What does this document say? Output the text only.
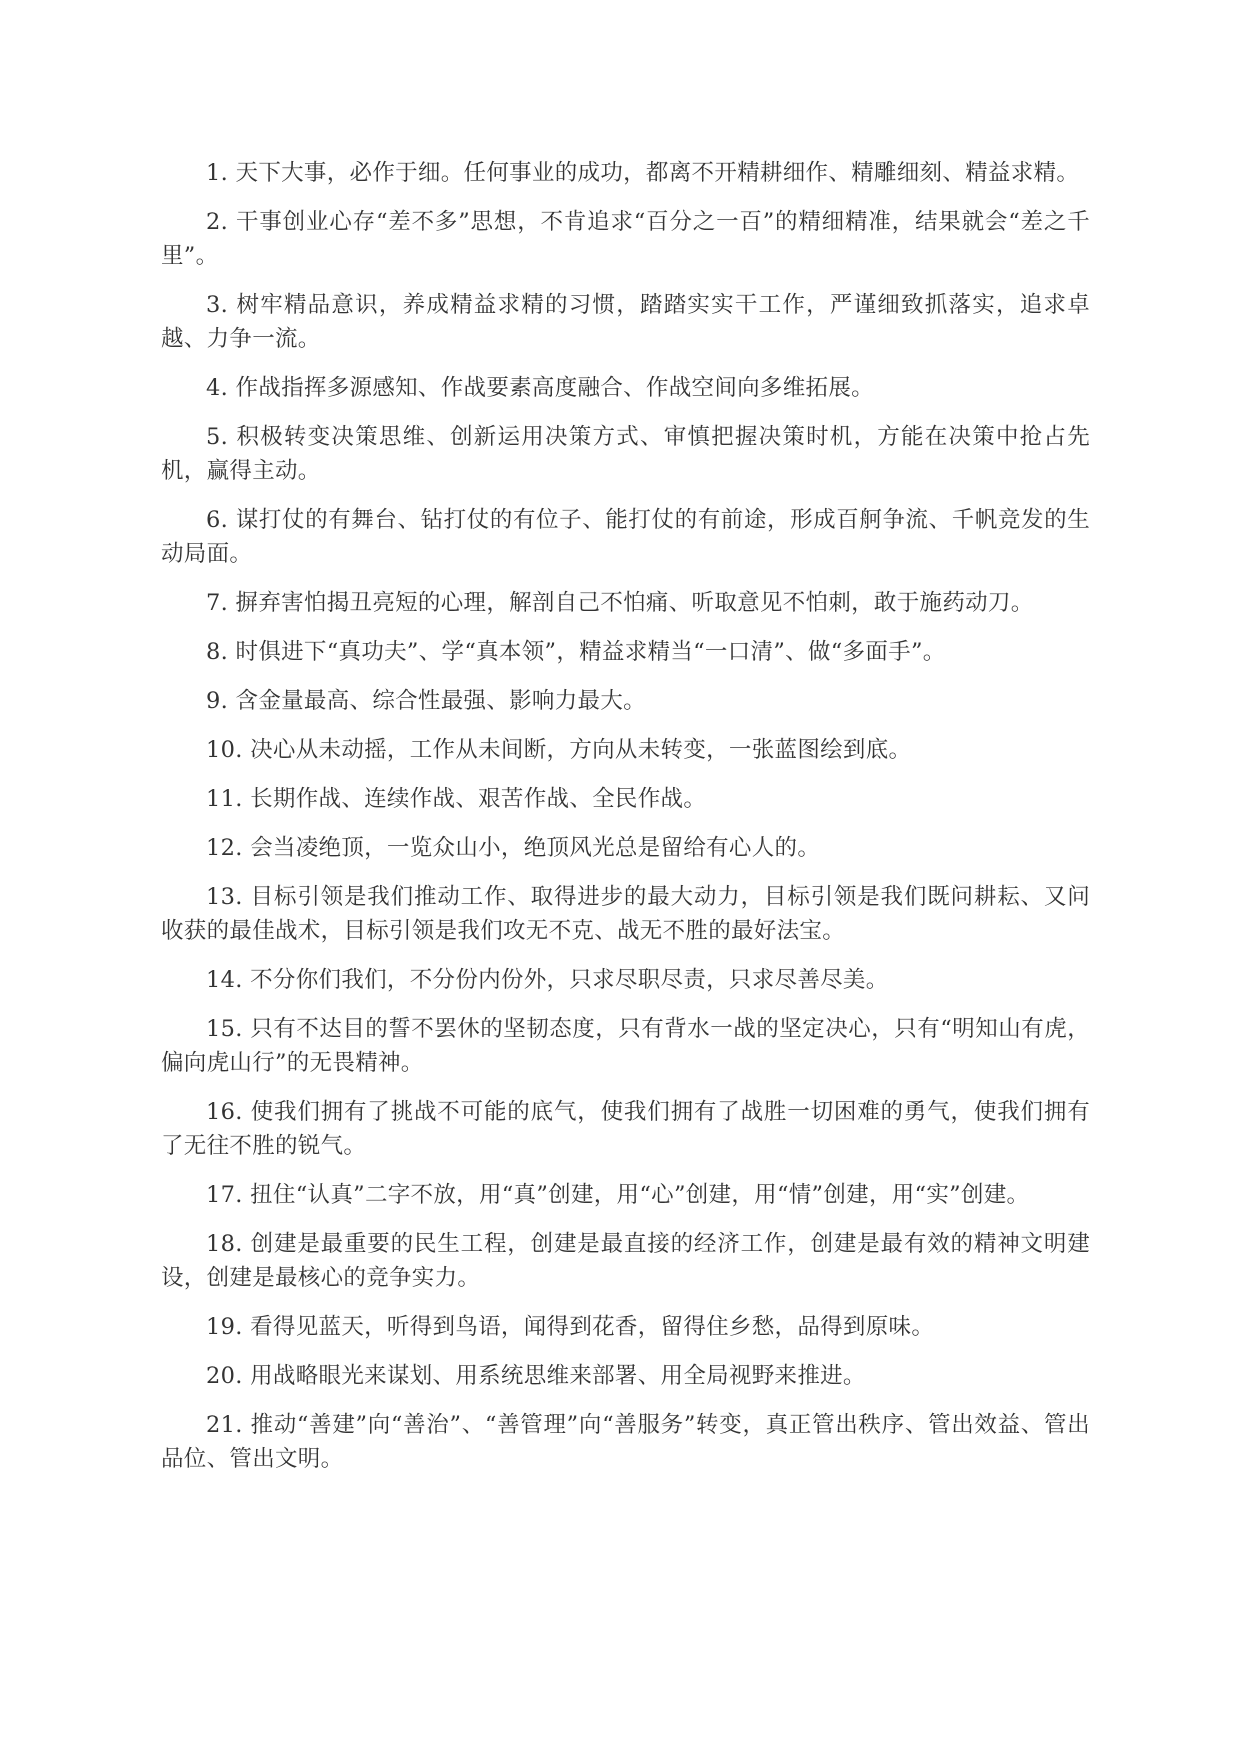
1. 天下大事，必作于细。任何事业的成功，都离不开精耕细作、精雕细刻、精益求精。

2. 干事创业心存“差不多”思想，不肯追求“百分之一百”的精细精准，结果就会“差之千里”。

3. 树牢精品意识，养成精益求精的习惯，踏踏实实干工作，严谨细致抓落实，追求卓越、力争一流。

4. 作战指挥多源感知、作战要素高度融合、作战空间向多维拓展。

5. 积极转变决策思维、创新运用决策方式、审慎把握决策时机，方能在决策中抢占先机，赢得主动。

6. 谋打仗的有舞台、钻打仗的有位子、能打仗的有前途，形成百舸争流、千帆竞发的生动局面。

7. 摒弃害怕揭丑亮短的心理，解剖自己不怕痛、听取意见不怕刺，敢于施药动刀。

8. 时俱进下“真功夫”、学“真本领”，精益求精当“一口清”、做“多面手”。

9. 含金量最高、综合性最强、影响力最大。

10. 决心从未动摇，工作从未间断，方向从未转变，一张蓝图绘到底。

11. 长期作战、连续作战、艰苦作战、全民作战。

12. 会当凌绝顶，一览众山小，绝顶风光总是留给有心人的。

13. 目标引领是我们推动工作、取得进步的最大动力，目标引领是我们既问耕耘、又问收获的最佳战术，目标引领是我们攻无不克、战无不胜的最好法宝。

14. 不分你们我们，不分份内份外，只求尽职尽责，只求尽善尽美。

15. 只有不达目的誓不罢休的坚韧态度，只有背水一战的坚定决心，只有“明知山有虎，偏向虎山行”的无畏精神。

16. 使我们拥有了挑战不可能的底气，使我们拥有了战胜一切困难的勇气，使我们拥有了无往不胜的锐气。

17. 扭住“认真”二字不放，用“真”创建，用“心”创建，用“情”创建，用“实”创建。

18. 创建是最重要的民生工程，创建是最直接的经济工作，创建是最有效的精神文明建设，创建是最核心的竞争实力。

19. 看得见蓝天，听得到鸟语，闻得到花香，留得住乡愁，品得到原味。

20. 用战略眼光来谋划、用系统思维来部署、用全局视野来推进。

21. 推动“善建”向“善治”、“善管理”向“善服务”转变，真正管出秩序、管出效益、管出品位、管出文明。
